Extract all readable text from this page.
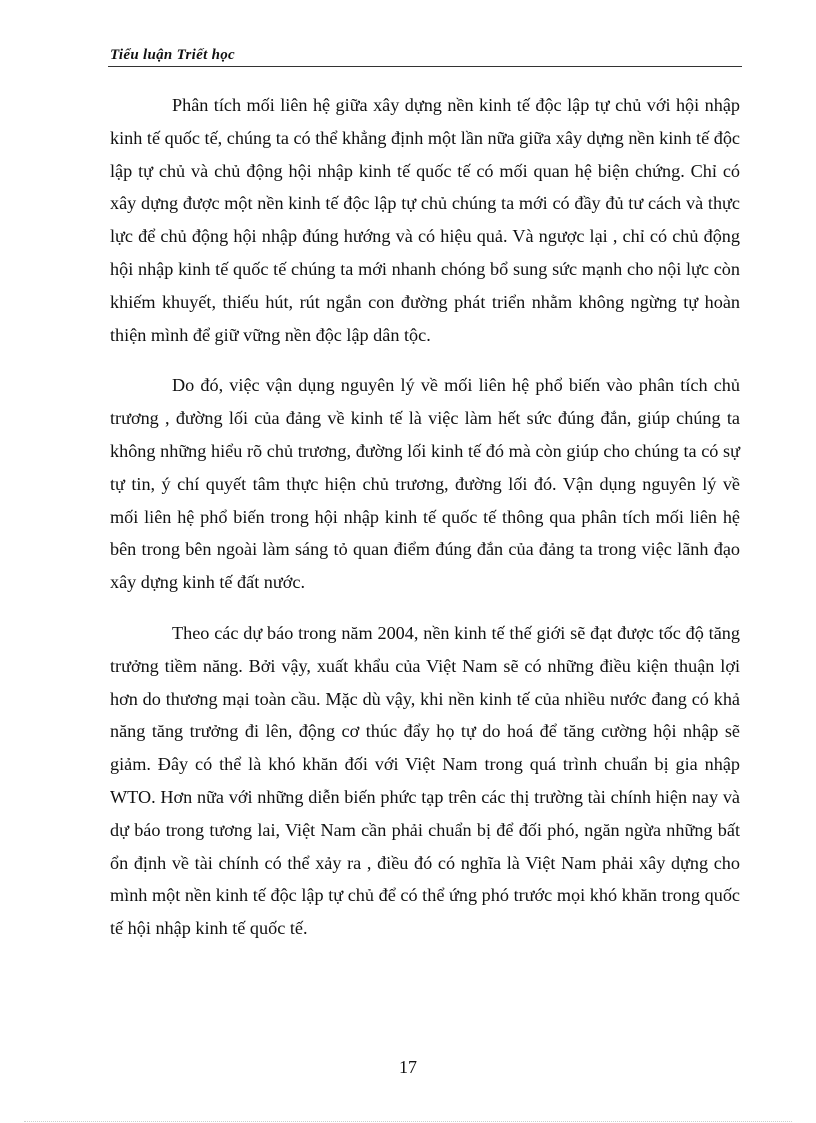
Tiểu luận Triết học

Phân tích mối liên hệ giữa xây dựng nền kinh tế độc lập tự chủ với hội nhập kinh tế quốc tế, chúng ta có thể khẳng định một lần nữa giữa xây dựng nền kinh tế độc lập tự chủ và chủ động hội nhập kinh tế quốc tế có mối quan hệ biện chứng. Chỉ có xây dựng được một nền kinh tế độc lập tự chủ chúng ta mới có đầy đủ tư cách và thực lực để chủ động hội nhập đúng hướng và có hiệu quả. Và ngược lại , chỉ có chủ động hội nhập kinh tế quốc tế chúng ta mới nhanh chóng bổ sung sức mạnh cho nội lực còn khiếm khuyết, thiếu hút, rút ngắn con đường phát triển nhằm không ngừng tự hoàn thiện mình để giữ vững nền độc lập dân tộc.

Do đó, việc vận dụng nguyên lý về mối liên hệ phổ biến vào phân tích chủ trương , đường lối của đảng về kinh tế là việc làm hết sức đúng đắn, giúp chúng ta không những hiểu rõ chủ trương, đường lối kinh tế đó mà còn giúp cho chúng ta có sự tự tin, ý chí quyết tâm thực hiện chủ trương, đường lối đó. Vận dụng nguyên lý về mối liên hệ phổ biến trong hội nhập kinh tế quốc tế thông qua phân tích mối liên hệ bên trong bên ngoài làm sáng tỏ quan điểm đúng đắn của đảng ta trong việc lãnh đạo xây dựng kinh tế đất nước.

Theo các dự báo trong năm 2004, nền kinh tế thế giới sẽ đạt được tốc độ tăng trưởng tiềm năng. Bởi vậy, xuất khẩu của Việt Nam sẽ có những điều kiện thuận lợi hơn do thương mại toàn cầu. Mặc dù vậy, khi nền kinh tế của nhiều nước đang có khả năng tăng trưởng đi lên, động cơ thúc đẩy họ tự do hoá để tăng cường hội nhập sẽ giảm. Đây có thể là khó khăn đối với Việt Nam trong quá trình chuẩn bị gia nhập WTO. Hơn nữa với những diễn biến phức tạp trên các thị trường tài chính hiện nay và dự báo trong tương lai, Việt Nam cần phải chuẩn bị để đối phó, ngăn ngừa những bất ổn định về tài chính có thể xảy ra , điều đó có nghĩa là Việt Nam phải xây dựng cho mình một nền kinh tế độc lập tự chủ để có thể ứng phó trước mọi khó khăn trong quốc tế hội nhập kinh tế quốc tế.

17
